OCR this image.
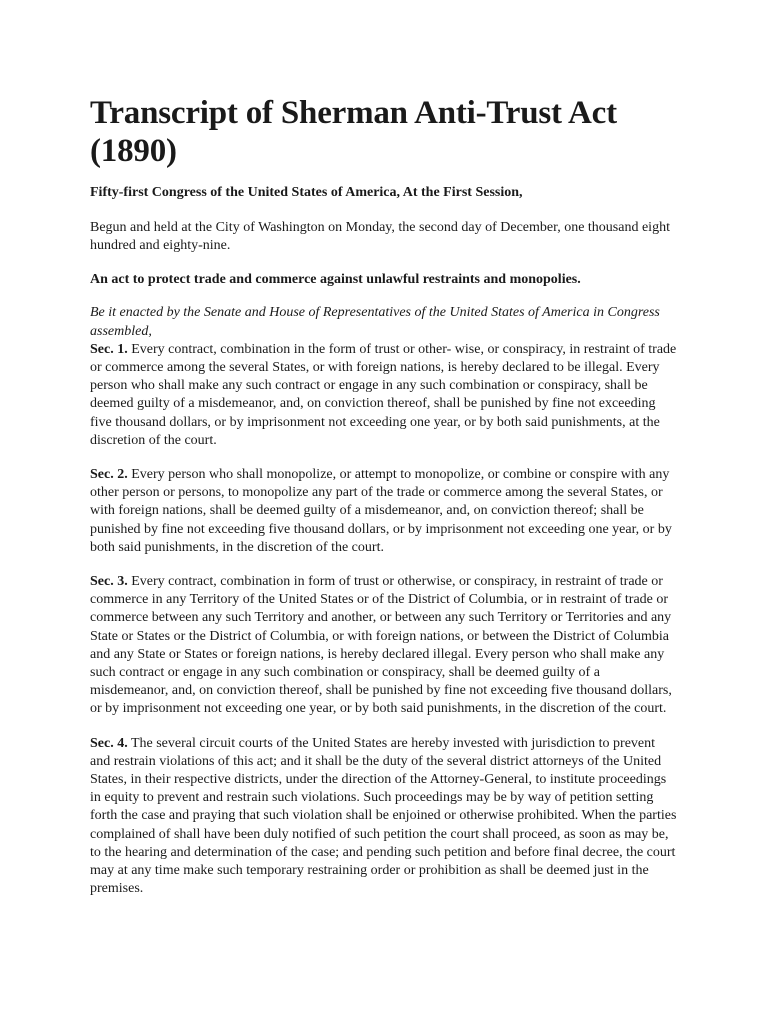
Transcript of Sherman Anti-Trust Act (1890)

Fifty-first Congress of the United States of America, At the First Session,

Begun and held at the City of Washington on Monday, the second day of December, one thousand eight hundred and eighty-nine.

An act to protect trade and commerce against unlawful restraints and monopolies.

Be it enacted by the Senate and House of Representatives of the United States of America in Congress assembled,

Sec. 1. Every contract, combination in the form of trust or other- wise, or conspiracy, in restraint of trade or commerce among the several States, or with foreign nations, is hereby declared to be illegal. Every person who shall make any such contract or engage in any such combination or conspiracy, shall be deemed guilty of a misdemeanor, and, on conviction thereof, shall be punished by fine not exceeding five thousand dollars, or by imprisonment not exceeding one year, or by both said punishments, at the discretion of the court.

Sec. 2. Every person who shall monopolize, or attempt to monopolize, or combine or conspire with any other person or persons, to monopolize any part of the trade or commerce among the several States, or with foreign nations, shall be deemed guilty of a misdemeanor, and, on conviction thereof; shall be punished by fine not exceeding five thousand dollars, or by imprisonment not exceeding one year, or by both said punishments, in the discretion of the court.

Sec. 3. Every contract, combination in form of trust or otherwise, or conspiracy, in restraint of trade or commerce in any Territory of the United States or of the District of Columbia, or in restraint of trade or commerce between any such Territory and another, or between any such Territory or Territories and any State or States or the District of Columbia, or with foreign nations, or between the District of Columbia and any State or States or foreign nations, is hereby declared illegal. Every person who shall make any such contract or engage in any such combination or conspiracy, shall be deemed guilty of a misdemeanor, and, on conviction thereof, shall be punished by fine not exceeding five thousand dollars, or by imprisonment not exceeding one year, or by both said punishments, in the discretion of the court.

Sec. 4. The several circuit courts of the United States are hereby invested with jurisdiction to prevent and restrain violations of this act; and it shall be the duty of the several district attorneys of the United States, in their respective districts, under the direction of the Attorney-General, to institute proceedings in equity to prevent and restrain such violations. Such proceedings may be by way of petition setting forth the case and praying that such violation shall be enjoined or otherwise prohibited. When the parties complained of shall have been duly notified of such petition the court shall proceed, as soon as may be, to the hearing and determination of the case; and pending such petition and before final decree, the court may at any time make such temporary restraining order or prohibition as shall be deemed just in the premises.
